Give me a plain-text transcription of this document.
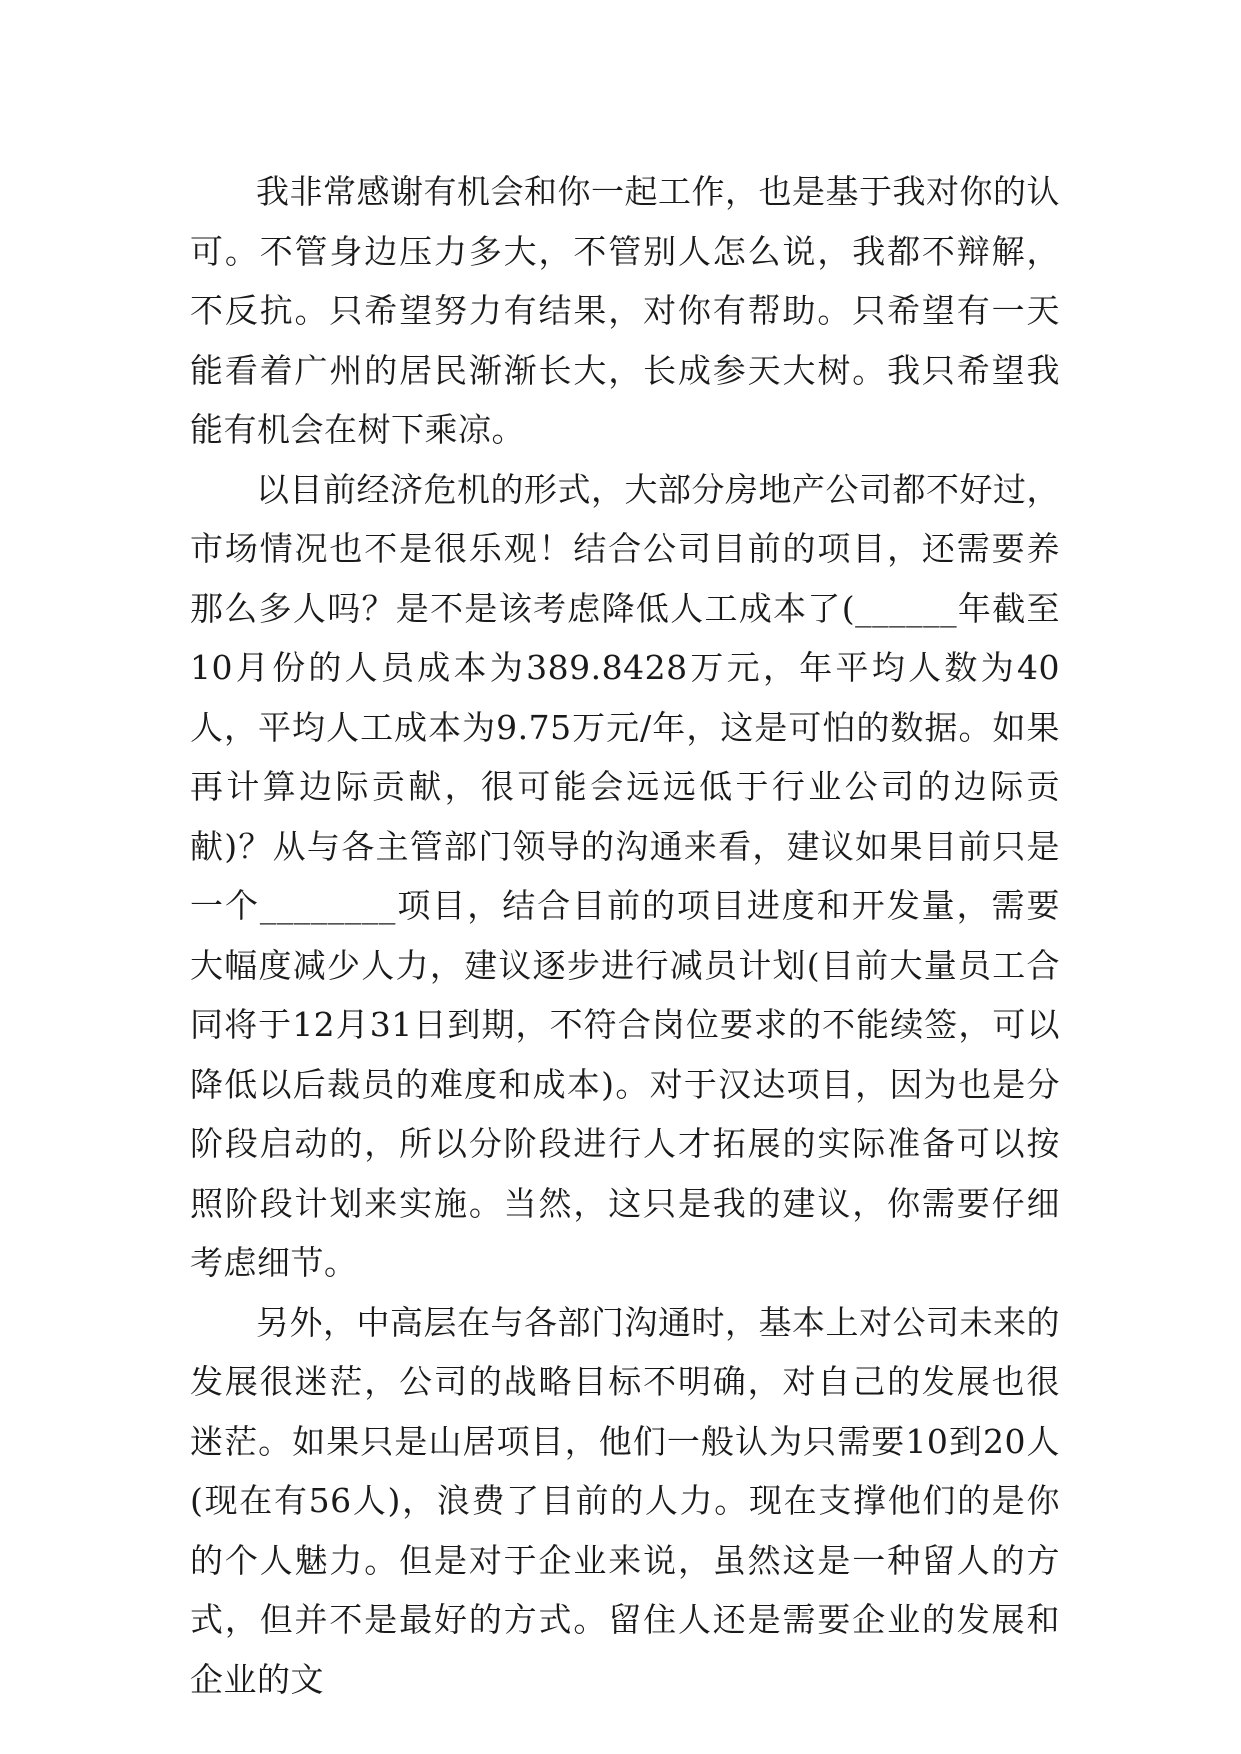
我非常感谢有机会和你一起工作，也是基于我对你的认可。不管身边压力多大，不管别人怎么说，我都不辩解，不反抗。只希望努力有结果，对你有帮助。只希望有一天能看着广州的居民渐渐长大，长成参天大树。我只希望我能有机会在树下乘凉。

以目前经济危机的形式，大部分房地产公司都不好过，市场情况也不是很乐观！结合公司目前的项目，还需要养那么多人吗？是不是该考虑降低人工成本了(______年截至10月份的人员成本为389.8428万元，年平均人数为40人，平均人工成本为9.75万元/年，这是可怕的数据。如果再计算边际贡献，很可能会远远低于行业公司的边际贡献)？从与各主管部门领导的沟通来看，建议如果目前只是一个________项目，结合目前的项目进度和开发量，需要大幅度减少人力，建议逐步进行减员计划(目前大量员工合同将于12月31日到期，不符合岗位要求的不能续签，可以降低以后裁员的难度和成本)。对于汉达项目，因为也是分阶段启动的，所以分阶段进行人才拓展的实际准备可以按照阶段计划来实施。当然，这只是我的建议，你需要仔细考虑细节。

另外，中高层在与各部门沟通时，基本上对公司未来的发展很迷茫，公司的战略目标不明确，对自己的发展也很迷茫。如果只是山居项目，他们一般认为只需要10到20人(现在有56人)，浪费了目前的人力。现在支撑他们的是你的个人魅力。但是对于企业来说，虽然这是一种留人的方式，但并不是最好的方式。留住人还是需要企业的发展和企业的文
